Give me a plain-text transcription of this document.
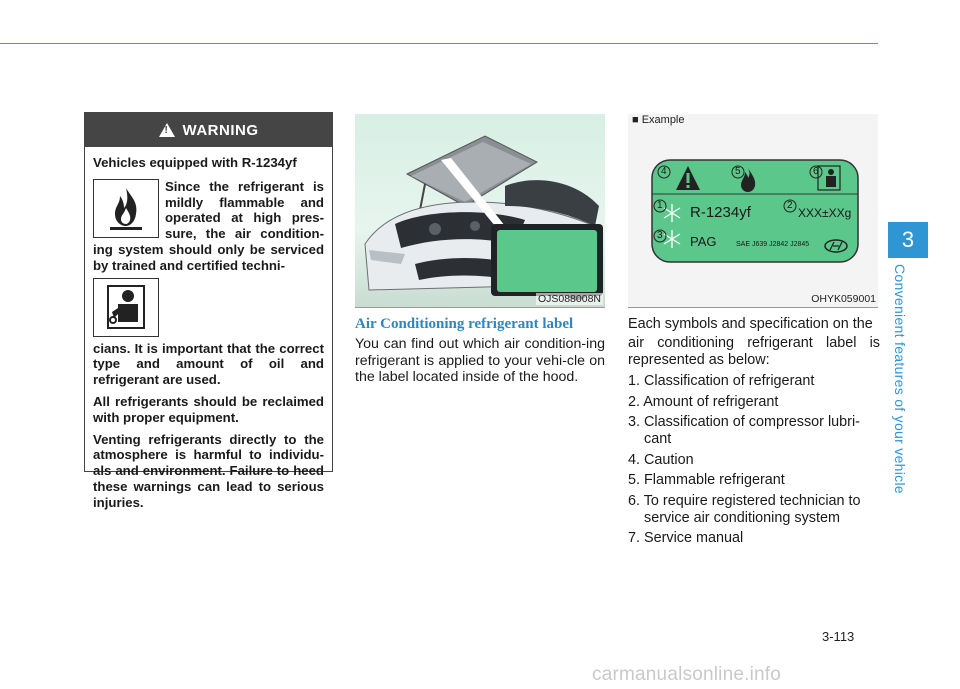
3
Convenient features of your vehicle
! WARNING
Vehicles equipped with R-1234yf
Since the refrigerant is mildly flammable and operated at high pres-sure, the air condition-ing system should only be serviced by trained and certified techni-

cians. It is important that the correct type and amount of oil and refrigerant are used.

All refrigerants should be reclaimed with proper equipment.

Venting refrigerants directly to the atmosphere is harmful to individu-als and environment. Failure to heed these warnings can lead to serious injuries.

OJS088008N
Air Conditioning refrigerant label
You can find out which air condition-ing refrigerant is applied to your vehi-cle on the label located inside of the hood.
■ Example
4	5	6
1	2
3
R-1234yf	XXX±XXg
PAG	SAE J639 J2842 J2845
OHYK059001

Each symbols and specification on the

air conditioning refrigerant label is represented as below:

1. Classification of refrigerant
2. Amount of refrigerant
3. Classification of compressor lubri-cant
4. Caution
5. Flammable refrigerant
6. To require registered technician to service air conditioning system
7. Service manual
3-113
carmanualsonline.info
